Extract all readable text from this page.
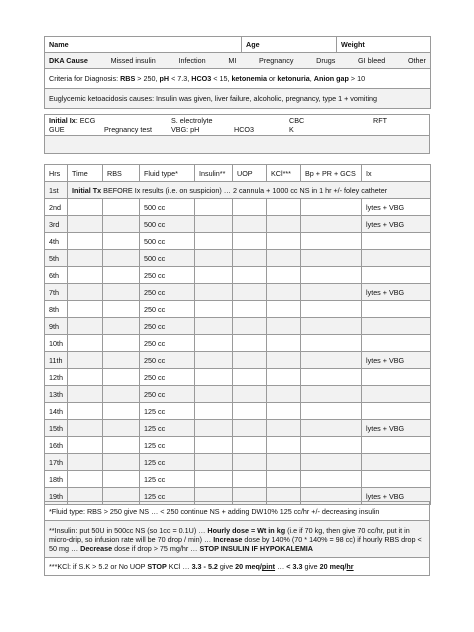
Name	Age	Weight

DKA Cause	Missed insulin	Infection	MI	Pregnancy	Drugs	GI bleed	Other

Criteria for Diagnosis: RBS > 250, pH < 7.3, HCO3 < 15, ketonemia or ketonuria, Anion gap > 10
Euglycemic ketoacidosis causes: Insulin was given, liver failure, alcoholic, pregnancy, type 1 + vomiting
Initial Ix: ECG	S. electrolyte	CBC	RFT
GUE	Pregnancy test	VBG: pH	HCO3	K

Hrs	Time	RBS	Fluid type*	Insulin**	UOP	KCl***	Bp + PR + GCS	Ix
1st	Initial Tx BEFORE Ix results (i.e. on suspicion) … 2 cannula + 1000 cc NS in 1 hr +/- foley catheter							
2nd			500 cc					lytes + VBG
3rd			500 cc					lytes + VBG
4th			500 cc					
5th			500 cc					
6th			250 cc					
7th			250 cc					lytes + VBG
8th			250 cc					
9th			250 cc					
10th			250 cc					
11th			250 cc					lytes + VBG
12th			250 cc					
13th			250 cc					
14th			125 cc					
15th			125 cc					lytes + VBG
16th			125 cc					
17th			125 cc					
18th			125 cc					
19th			125 cc					lytes + VBG
*Fluid type: RBS > 250 give NS … < 250 continue NS + adding DW10% 125 cc/hr +/- decreasing insulin
**Insulin: put 50U in 500cc NS (so 1cc = 0.1U) … Hourly dose = Wt in kg (i.e if 70 kg, then give 70 cc/hr, put it in micro-drip, so infusion rate will be 70 drop / min) … Increase dose by 140% (70 * 140% = 98 cc) if hourly RBS drop < 50 mg … Decrease dose if drop > 75 mg/hr … STOP INSULIN IF HYPOKALEMIA
***KCl: if S.K > 5.2 or No UOP STOP KCl … 3.3 - 5.2 give 20 meq/pint … < 3.3 give 20 meq/hr
